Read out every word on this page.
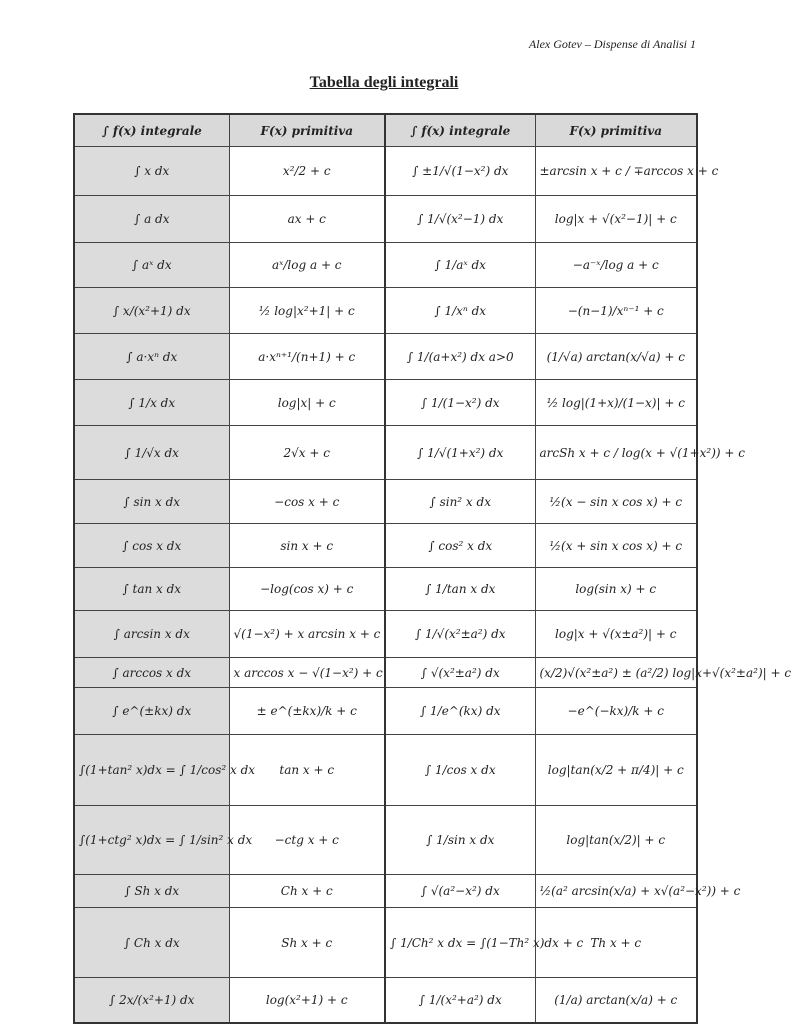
Alex Gotev – Dispense di Analisi 1
Tabella degli integrali
∫ f(x) integrale	F(x) primitiva	∫ f(x) integrale	F(x) primitiva
∫ x dx	x²/2 + c	∫ ±1/√(1−x²) dx	±arcsin x + c / ∓arccos x + c
∫ a dx	ax + c	∫ 1/√(x²−1) dx	log|x + √(x²−1)| + c
∫ aˣ dx	aˣ/log a + c	∫ 1/aˣ dx	−a⁻ˣ/log a + c
∫ x/(x²+1) dx	½ log|x²+1| + c	∫ 1/xⁿ dx	−(n−1)/xⁿ⁻¹ + c
∫ a·xⁿ dx	a·xⁿ⁺¹/(n+1) + c	∫ 1/(a+x²) dx a>0	(1/√a) arctan(x/√a) + c
∫ 1/x dx	log|x| + c	∫ 1/(1−x²) dx	½ log|(1+x)/(1−x)| + c
∫ 1/√x dx	2√x + c	∫ 1/√(1+x²) dx	arcSh x + c / log(x + √(1+x²)) + c
∫ sin x dx	−cos x + c	∫ sin² x dx	½(x − sin x cos x) + c
∫ cos x dx	sin x + c	∫ cos² x dx	½(x + sin x cos x) + c
∫ tan x dx	−log(cos x) + c	∫ 1/tan x dx	log(sin x) + c
∫ arcsin x dx	√(1−x²) + x arcsin x + c	∫ 1/√(x²±a²) dx	log|x + √(x±a²)| + c
∫ arccos x dx	x arccos x − √(1−x²) + c	∫ √(x²±a²) dx	(x/2)√(x²±a²) ± (a²/2) log|x+√(x²±a²)| + c
∫ e^(±kx) dx	± e^(±kx)/k + c	∫ 1/e^(kx) dx	−e^(−kx)/k + c
∫(1+tan² x)dx = ∫ 1/cos² x dx	tan x + c	∫ 1/cos x dx	log|tan(x/2 + π/4)| + c
∫(1+ctg² x)dx = ∫ 1/sin² x dx	−ctg x + c	∫ 1/sin x dx	log|tan(x/2)| + c
∫ Sh x dx	Ch x + c	∫ √(a²−x²) dx	½(a² arcsin(x/a) + x√(a²−x²)) + c
∫ Ch x dx	Sh x + c	∫ 1/Ch² x dx = ∫(1−Th² x)dx + c	Th x + c
∫ 2x/(x²+1) dx	log(x²+1) + c	∫ 1/(x²+a²) dx	(1/a) arctan(x/a) + c
